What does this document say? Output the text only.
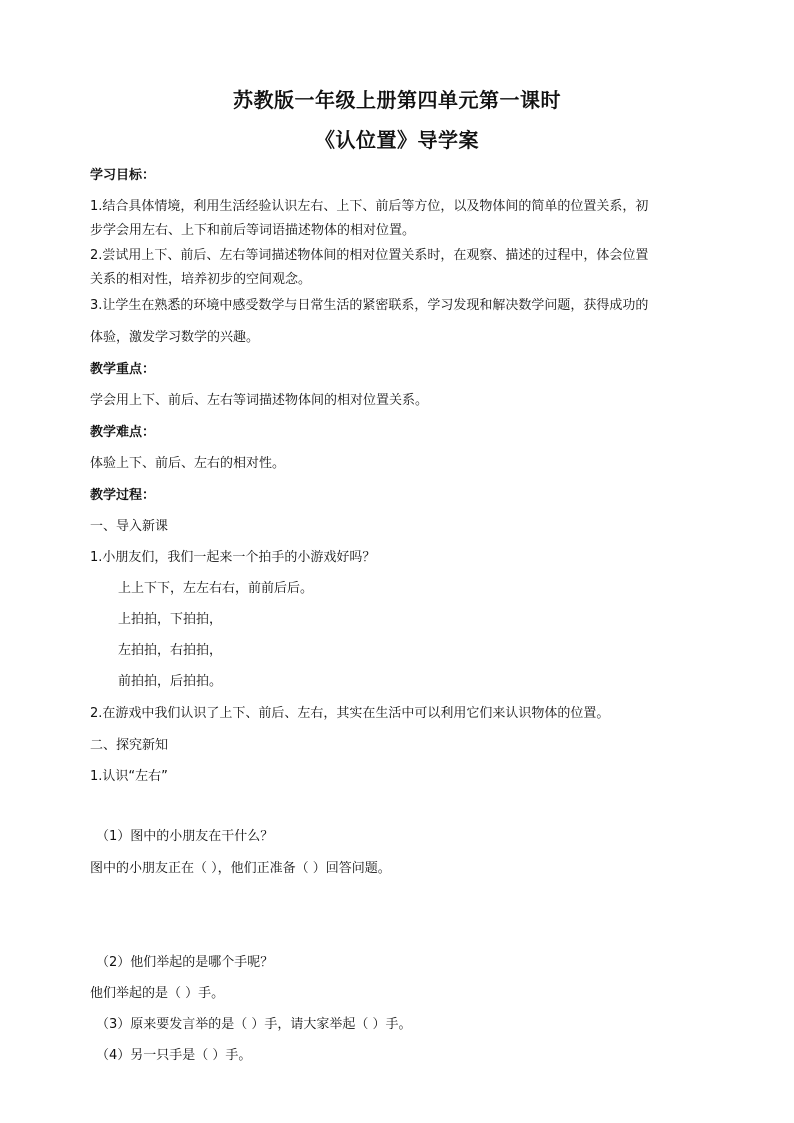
苏教版一年级上册第四单元第一课时
《认位置》导学案
学习目标：
1.结合具体情境，利用生活经验认识左右、上下、前后等方位，以及物体间的简单的位置关系，初
步学会用左右、上下和前后等词语描述物体的相对位置。
2.尝试用上下、前后、左右等词描述物体间的相对位置关系时，在观察、描述的过程中，体会位置
关系的相对性，培养初步的空间观念。
3.让学生在熟悉的环境中感受数学与日常生活的紧密联系，学习发现和解决数学问题，获得成功的
体验，激发学习数学的兴趣。
教学重点：
学会用上下、前后、左右等词描述物体间的相对位置关系。
教学难点：
体验上下、前后、左右的相对性。
教学过程：
一、导入新课
1.小朋友们，我们一起来一个拍手的小游戏好吗？
上上下下，左左右右，前前后后。
上拍拍，下拍拍，
左拍拍，右拍拍，
前拍拍，后拍拍。
2.在游戏中我们认识了上下、前后、左右，其实在生活中可以利用它们来认识物体的位置。
二、探究新知
1.认识“左右”
（1）图中的小朋友在干什么？
图中的小朋友正在（ ），他们正准备（ ）回答问题。
（2）他们举起的是哪个手呢？
他们举起的是（ ）手。
（3）原来要发言举的是（ ）手，请大家举起（ ）手。
（4）另一只手是（ ）手。
